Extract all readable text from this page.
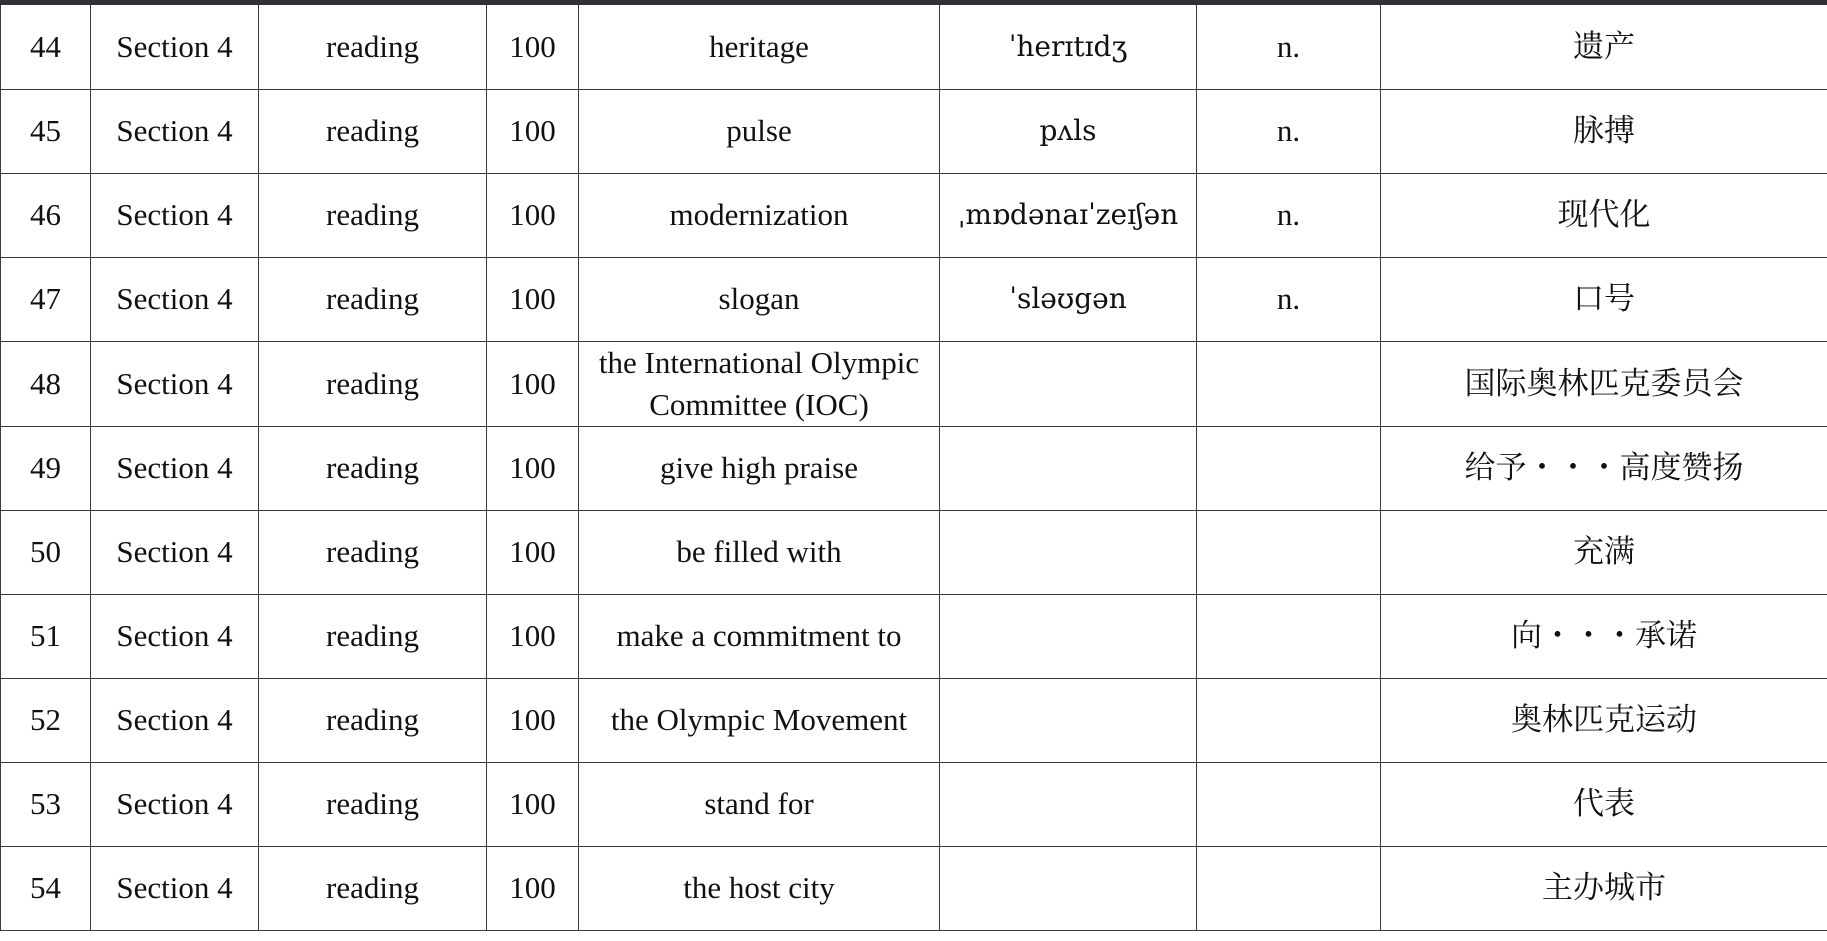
44	Section 4	reading	100	heritage	ˈherɪtɪdʒ	n.	遗产
45	Section 4	reading	100	pulse	pʌls	n.	脉搏
46	Section 4	reading	100	modernization	ˌmɒdənaɪˈzeɪʃən	n.	现代化
47	Section 4	reading	100	slogan	ˈsləʊgən	n.	口号
48	Section 4	reading	100	the International Olympic Committee (IOC)			国际奥林匹克委员会
49	Section 4	reading	100	give high praise			给予・・・高度赞扬
50	Section 4	reading	100	be filled with			充满
51	Section 4	reading	100	make a commitment to			向・・・承诺
52	Section 4	reading	100	the Olympic Movement			奥林匹克运动
53	Section 4	reading	100	stand for			代表
54	Section 4	reading	100	the host city			主办城市
